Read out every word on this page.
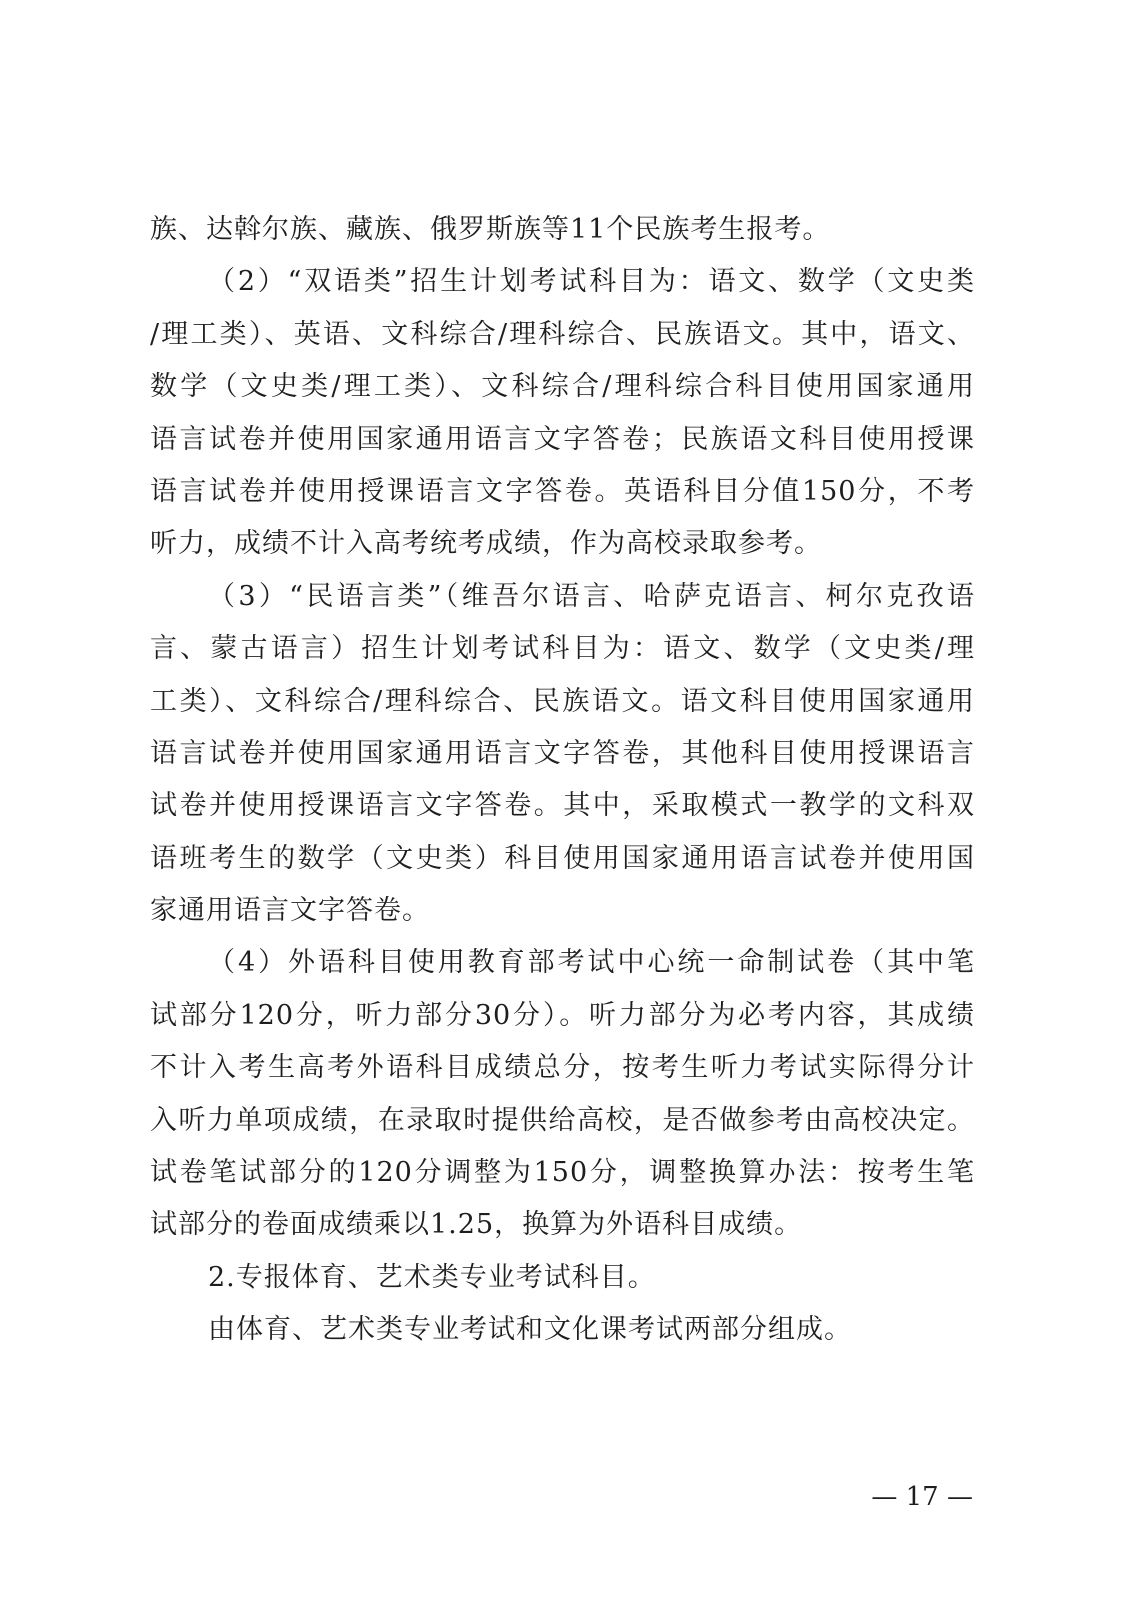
族、达斡尔族、藏族、俄罗斯族等11个民族考生报考。
（2）“双语类”招生计划考试科目为：语文、数学（文史类
/理工类）、英语、文科综合/理科综合、民族语文。其中，语文、
数学（文史类/理工类）、文科综合/理科综合科目使用国家通用
语言试卷并使用国家通用语言文字答卷；民族语文科目使用授课
语言试卷并使用授课语言文字答卷。英语科目分值150分，不考
听力，成绩不计入高考统考成绩，作为高校录取参考。
（3）“民语言类”（维吾尔语言、哈萨克语言、柯尔克孜语
言、蒙古语言）招生计划考试科目为：语文、数学（文史类/理
工类）、文科综合/理科综合、民族语文。语文科目使用国家通用
语言试卷并使用国家通用语言文字答卷，其他科目使用授课语言
试卷并使用授课语言文字答卷。其中，采取模式一教学的文科双
语班考生的数学（文史类）科目使用国家通用语言试卷并使用国
家通用语言文字答卷。
（4）外语科目使用教育部考试中心统一命制试卷（其中笔
试部分120分，听力部分30分）。听力部分为必考内容，其成绩
不计入考生高考外语科目成绩总分，按考生听力考试实际得分计
入听力单项成绩，在录取时提供给高校，是否做参考由高校决定。
试卷笔试部分的120分调整为150分，调整换算办法：按考生笔
试部分的卷面成绩乘以1.25，换算为外语科目成绩。
2.专报体育、艺术类专业考试科目。
由体育、艺术类专业考试和文化课考试两部分组成。
— 17 —
